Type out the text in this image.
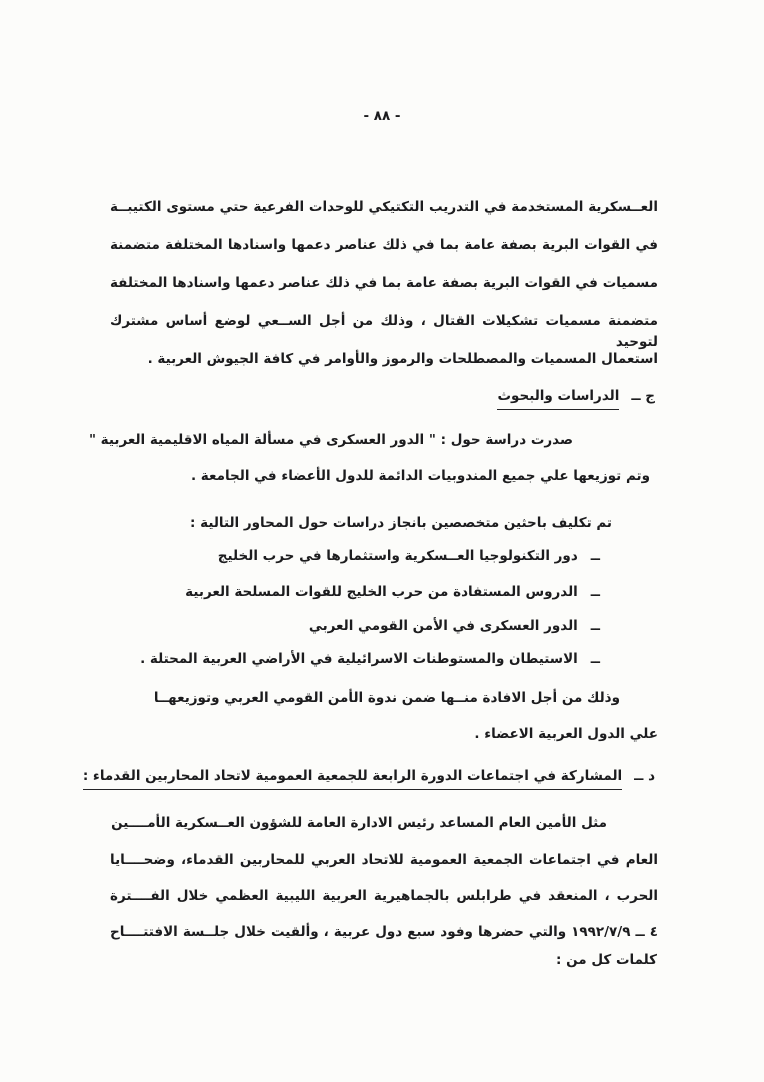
- ٨٨ -
العــسكرية المستخدمة في التدريب التكتيكي للوحدات الفرعية حتي مستوى الكتيبــة
في القوات البرية بصفة عامة بما في ذلك عناصر دعمها واسنادها المختلفة متضمنة
مسميات في القوات البرية بصفة عامة بما في ذلك عناصر دعمها واسنادها المختلفة
متضمنة مسميات تشكيلات القتال ، وذلك من أجل الســعي لوضع أساس مشترك لتوحيد
استعمال المسميات والمصطلحات والرموز والأوامر في كافة الجيوش العربية .
ج ــ
الدراسات والبحوث
صدرت دراسة حول : " الدور العسكرى في مسألة المياه الاقليمية العربية "
وتم توزيعها علي جميع المندوبيات الدائمة للدول الأعضاء في الجامعة .
تم تكليف باحثين متخصصين بانجاز دراسات حول المحاور التالية :
ــ
دور التكنولوجيا العــسكرية واستثمارها في حرب الخليج
ــ
الدروس المستفادة من حرب الخليج للقوات المسلحة العربية
ــ
الدور العسكرى في الأمن القومي العربي
ــ
الاستيطان والمستوطنات الاسرائيلية في الأراضي العربية المحتلة .
وذلك من أجل الافادة منــها ضمن ندوة الأمن القومي العربي وتوزيعهــا
علي الدول العربية الاعضاء .
د ــ
المشاركة في اجتماعات الدورة الرابعة للجمعية العمومية لاتحاد المحاربين القدماء :
مثل الأمين العام المساعد رئيس الادارة العامة للشؤون العــسكرية الأمــــين
العام في اجتماعات الجمعية العمومية للاتحاد العربي للمحاربين القدماء، وضحــــايا
الحرب ، المنعقد في طرابلس بالجماهيرية العربية الليبية العظمي خلال الفــــترة
٤ ــ ١٩٩٢/٧/٩ والتي حضرها وفود سبع دول عربية ، وألقيت خلال جلــسة الافتتــــاح
كلمات كل من :
